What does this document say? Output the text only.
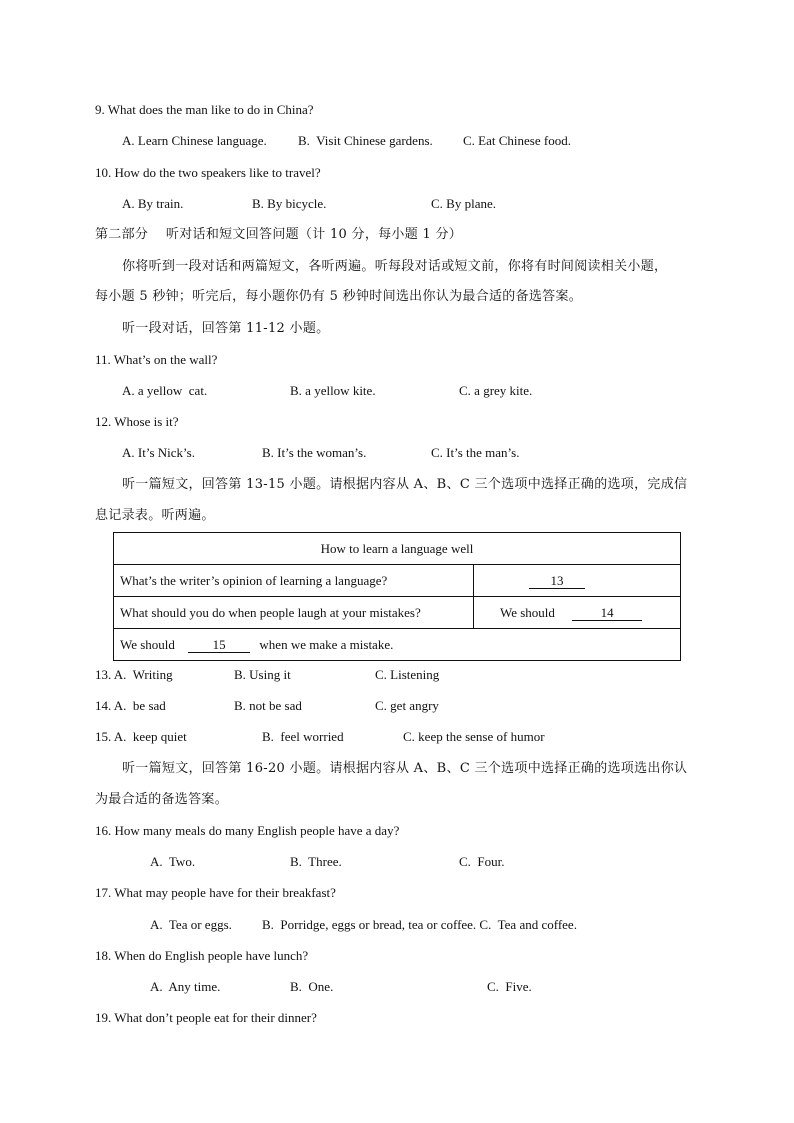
9. What does the man like to do in China?
A. Learn Chinese language. B.  Visit Chinese gardens. C. Eat Chinese food.
10. How do the two speakers like to travel?
A. By train.	B. By bicycle.	C. By plane.
第二部分    听对话和短文回答问题（计 10 分，每小题 1 分）
你将听到一段对话和两篇短文，各听两遍。听每段对话或短文前，你将有时间阅读相关小题，
每小题 5 秒钟；听完后，每小题你仍有 5 秒钟时间选出你认为最合适的备选答案。
听一段对话，回答第 11-12 小题。
11. What’s on the wall?
A. a yellow  cat.	B. a yellow kite.	C. a grey kite.
12. Whose is it?
A. It’s Nick’s.	B. It’s the woman’s.	C. It’s the man’s.
听一篇短文，回答第 13-15 小题。请根据内容从 A、B、C 三个选项中选择正确的选项，完成信
息记录表。听两遍。
How to learn a language well	
What’s the writer’s opinion of learning a language?	13
What should you do when people laugh at your mistakes?	We should 14
We should 15 when we make a mistake.	
13. A.  Writing	B. Using it	C. Listening
14. A.  be sad	B. not be sad	C. get angry
15. A.  keep quiet	B.  feel worried	C. keep the sense of humor
听一篇短文，回答第 16-20 小题。请根据内容从 A、B、C 三个选项中选择正确的选项选出你认
为最合适的备选答案。
16. How many meals do many English people have a day?
A.  Two.	B.  Three.	C.  Four.
17. What may people have for their breakfast?
A.  Tea or eggs. B.  Porridge, eggs or bread, tea or coffee. C.  Tea and coffee.
18. When do English people have lunch?
A.  Any time.	B.  One.	C.  Five.
19. What don’t people eat for their dinner?
